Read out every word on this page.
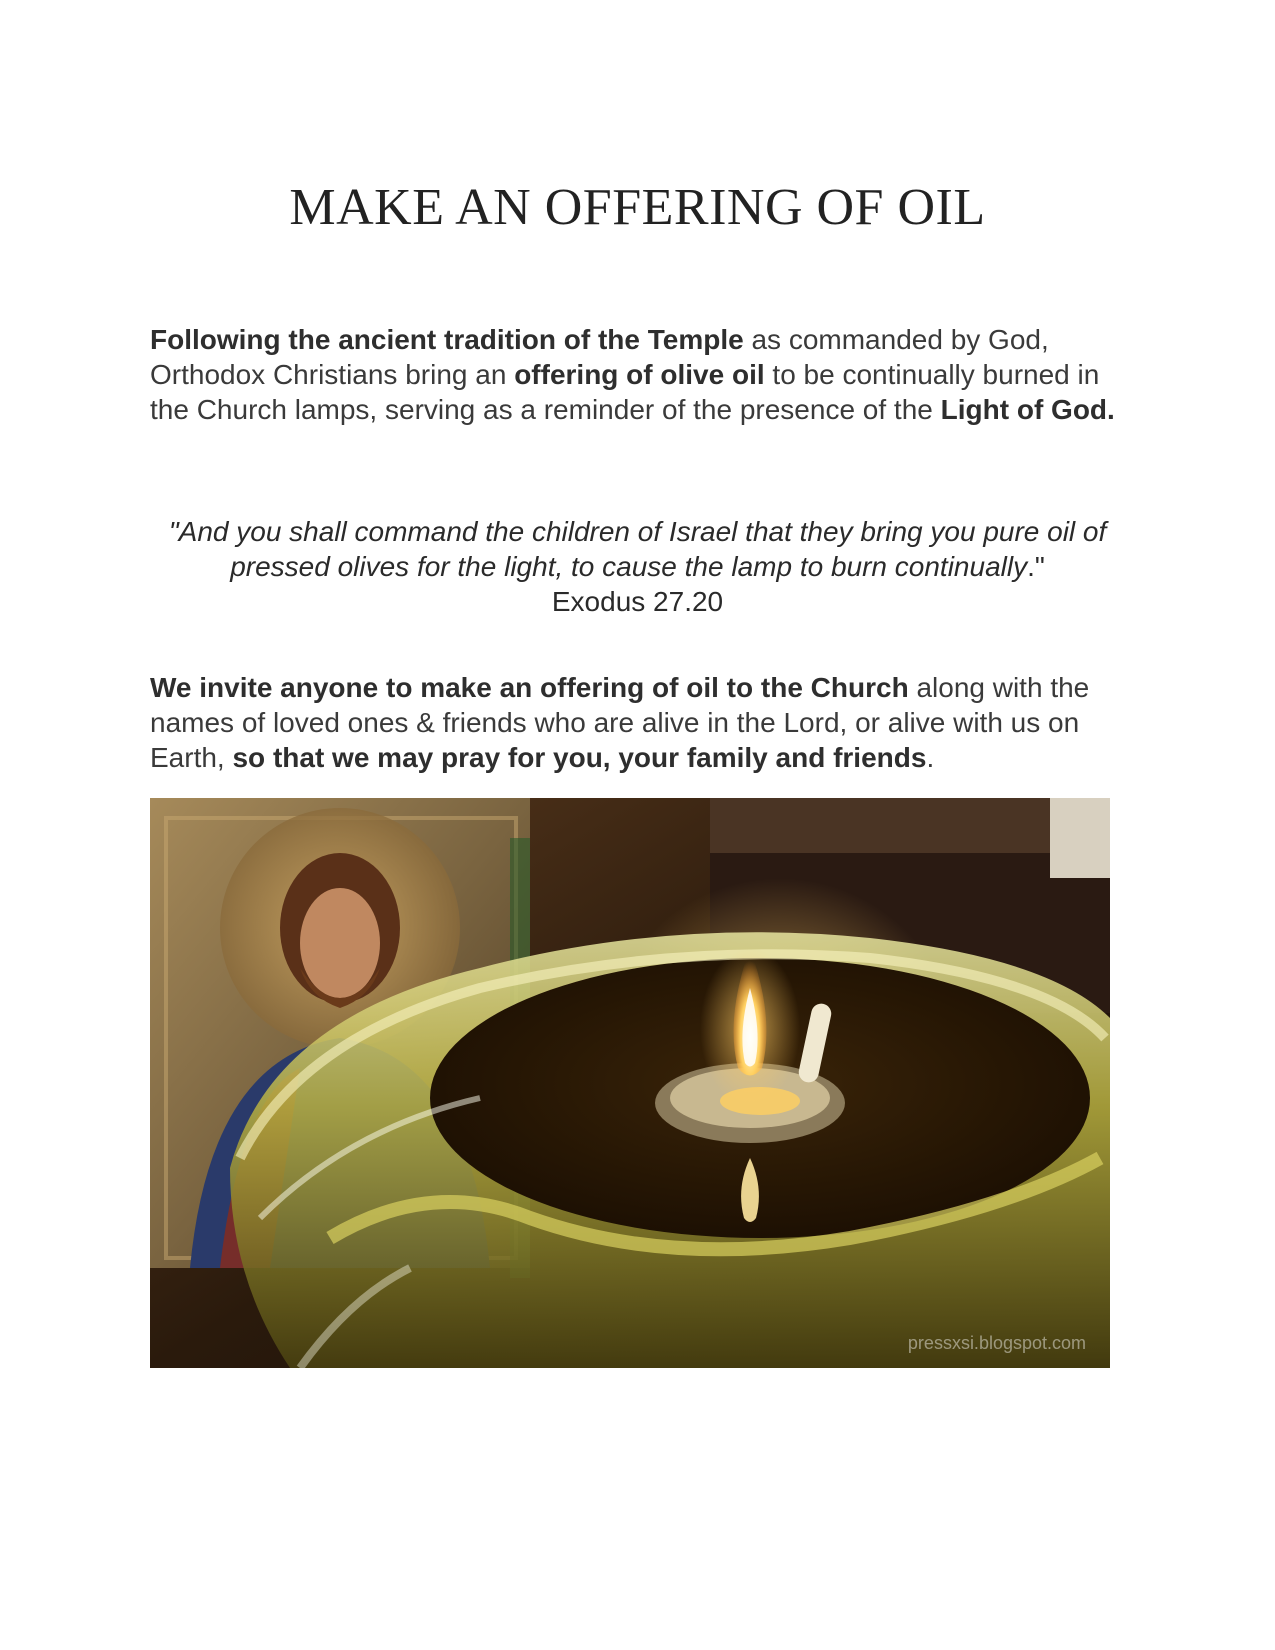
MAKE AN OFFERING OF OIL

Following the ancient tradition of the Temple as commanded by God, Orthodox Christians bring an offering of olive oil to be continually burned in the Church lamps, serving as a reminder of the presence of the Light of God.

"And you shall command the children of Israel that they bring you pure oil of pressed olives for the light, to cause the lamp to burn continually."
Exodus 27.20

We invite anyone to make an offering of oil to the Church along with the names of loved ones & friends who are alive in the Lord, or alive with us on Earth, so that we may pray for you, your family and friends.

pressxsi.blogspot.com
